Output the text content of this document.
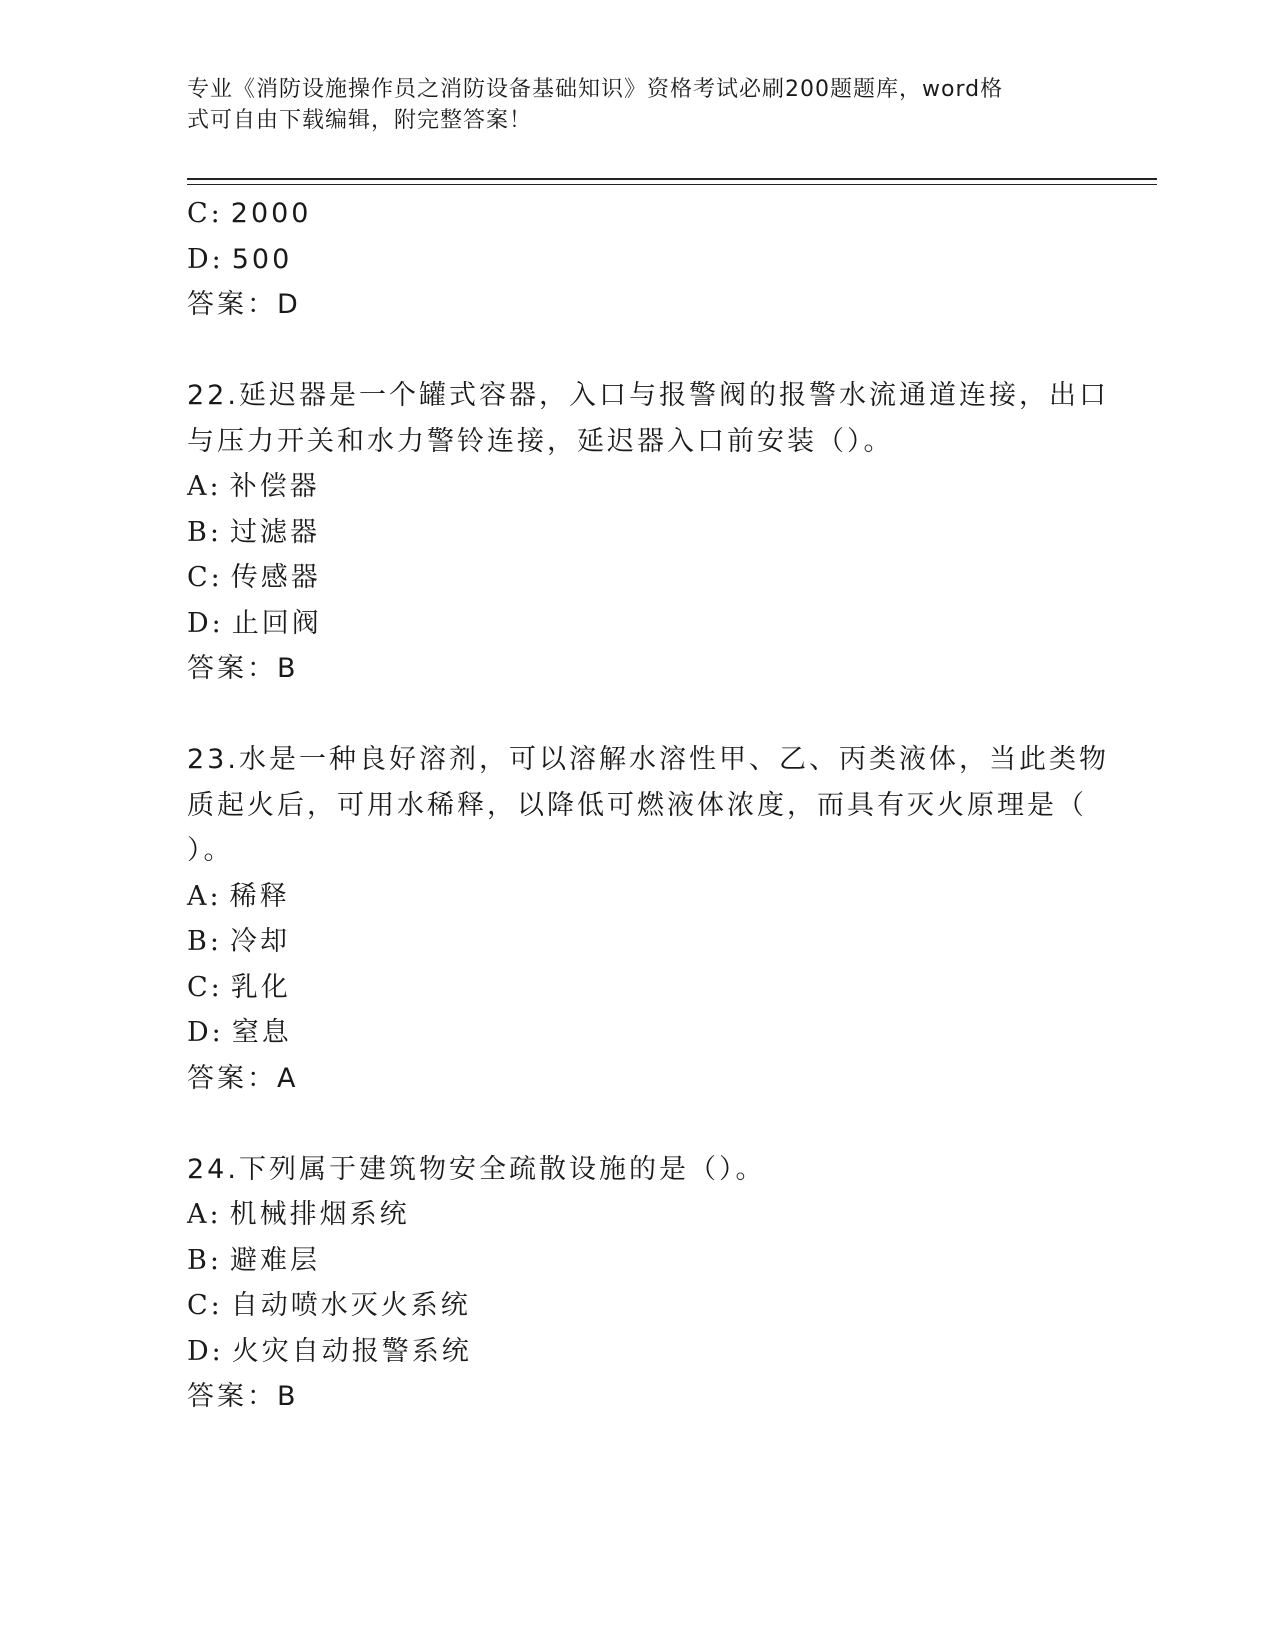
专业《消防设施操作员之消防设备基础知识》资格考试必刷200题题库，word格
式可自由下载编辑，附完整答案！
C: 2000
D: 500
答案：D
22.延迟器是一个罐式容器，入口与报警阀的报警水流通道连接，出口
与压力开关和水力警铃连接，延迟器入口前安装（）。
A: 补偿器
B: 过滤器
C: 传感器
D: 止回阀
答案：B
23.水是一种良好溶剂，可以溶解水溶性甲、乙、丙类液体，当此类物
质起火后，可用水稀释，以降低可燃液体浓度，而具有灭火原理是（
）。
A: 稀释
B: 冷却
C: 乳化
D: 窒息
答案：A
24.下列属于建筑物安全疏散设施的是（）。
A: 机械排烟系统
B: 避难层
C: 自动喷水灭火系统
D: 火灾自动报警系统
答案：B
